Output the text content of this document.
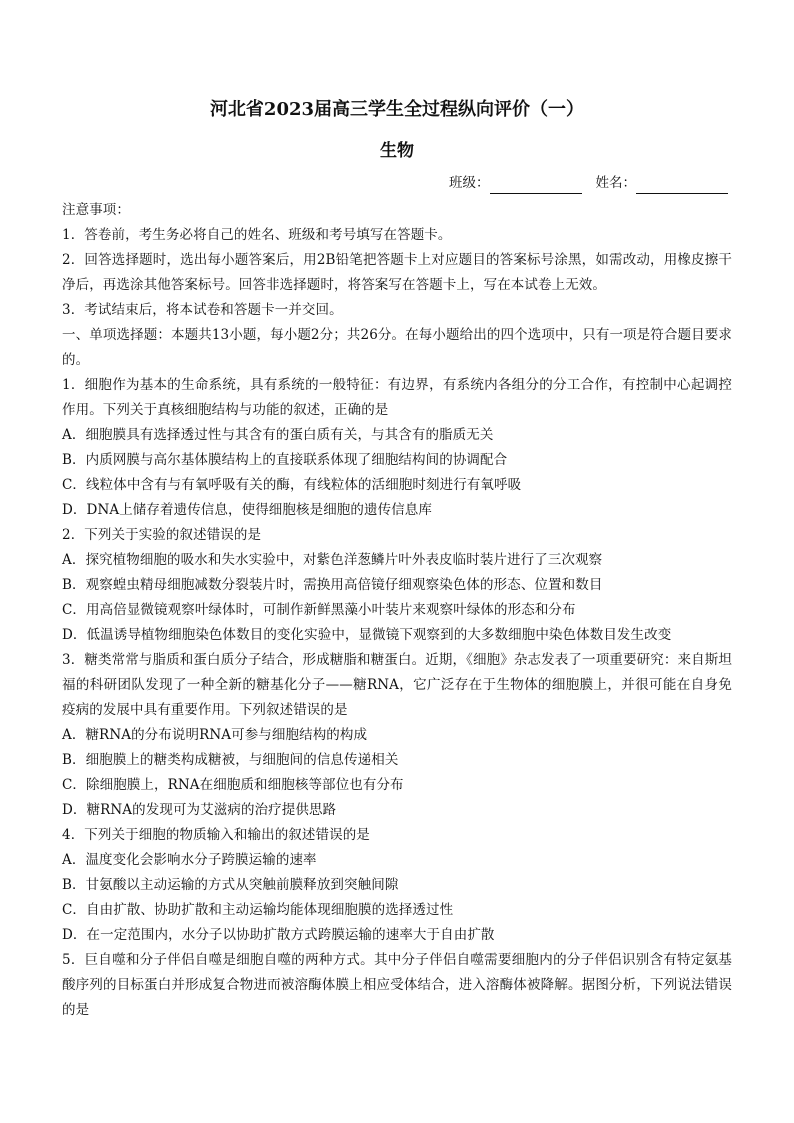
河北省2023届高三学生全过程纵向评价（一）
生物
班级：	姓名：

注意事项：

1．答卷前，考生务必将自己的姓名、班级和考号填写在答题卡。

2．回答选择题时，选出每小题答案后，用2B铅笔把答题卡上对应题目的答案标号涂黑，如需改动，用橡皮擦干净后，再选涂其他答案标号。回答非选择题时，将答案写在答题卡上，写在本试卷上无效。

3．考试结束后，将本试卷和答题卡一并交回。

一、单项选择题：本题共13小题，每小题2分；共26分。在每小题给出的四个选项中，只有一项是符合题目要求的。

1．细胞作为基本的生命系统，具有系统的一般特征：有边界，有系统内各组分的分工合作，有控制中心起调控作用。下列关于真核细胞结构与功能的叙述，正确的是

A．细胞膜具有选择透过性与其含有的蛋白质有关，与其含有的脂质无关

B．内质网膜与高尔基体膜结构上的直接联系体现了细胞结构间的协调配合

C．线粒体中含有与有氧呼吸有关的酶，有线粒体的活细胞时刻进行有氧呼吸

D．DNA上储存着遗传信息，使得细胞核是细胞的遗传信息库

2．下列关于实验的叙述错误的是

A．探究植物细胞的吸水和失水实验中，对紫色洋葱鳞片叶外表皮临时装片进行了三次观察

B．观察蝗虫精母细胞减数分裂装片时，需换用高倍镜仔细观察染色体的形态、位置和数目

C．用高倍显微镜观察叶绿体时，可制作新鲜黑藻小叶装片来观察叶绿体的形态和分布

D．低温诱导植物细胞染色体数目的变化实验中，显微镜下观察到的大多数细胞中染色体数目发生改变

3．糖类常常与脂质和蛋白质分子结合，形成糖脂和糖蛋白。近期，《细胞》杂志发表了一项重要研究：来自斯坦福的科研团队发现了一种全新的糖基化分子——糖RNA，它广泛存在于生物体的细胞膜上，并很可能在自身免疫病的发展中具有重要作用。下列叙述错误的是

A．糖RNA的分布说明RNA可参与细胞结构的构成

B．细胞膜上的糖类构成糖被，与细胞间的信息传递相关

C．除细胞膜上，RNA在细胞质和细胞核等部位也有分布

D．糖RNA的发现可为艾滋病的治疗提供思路

4．下列关于细胞的物质输入和输出的叙述错误的是

A．温度变化会影响水分子跨膜运输的速率

B．甘氨酸以主动运输的方式从突触前膜释放到突触间隙

C．自由扩散、协助扩散和主动运输均能体现细胞膜的选择透过性

D．在一定范围内，水分子以协助扩散方式跨膜运输的速率大于自由扩散

5．巨自噬和分子伴侣自噬是细胞自噬的两种方式。其中分子伴侣自噬需要细胞内的分子伴侣识别含有特定氨基酸序列的目标蛋白并形成复合物进而被溶酶体膜上相应受体结合，进入溶酶体被降解。据图分析，下列说法错误的是
